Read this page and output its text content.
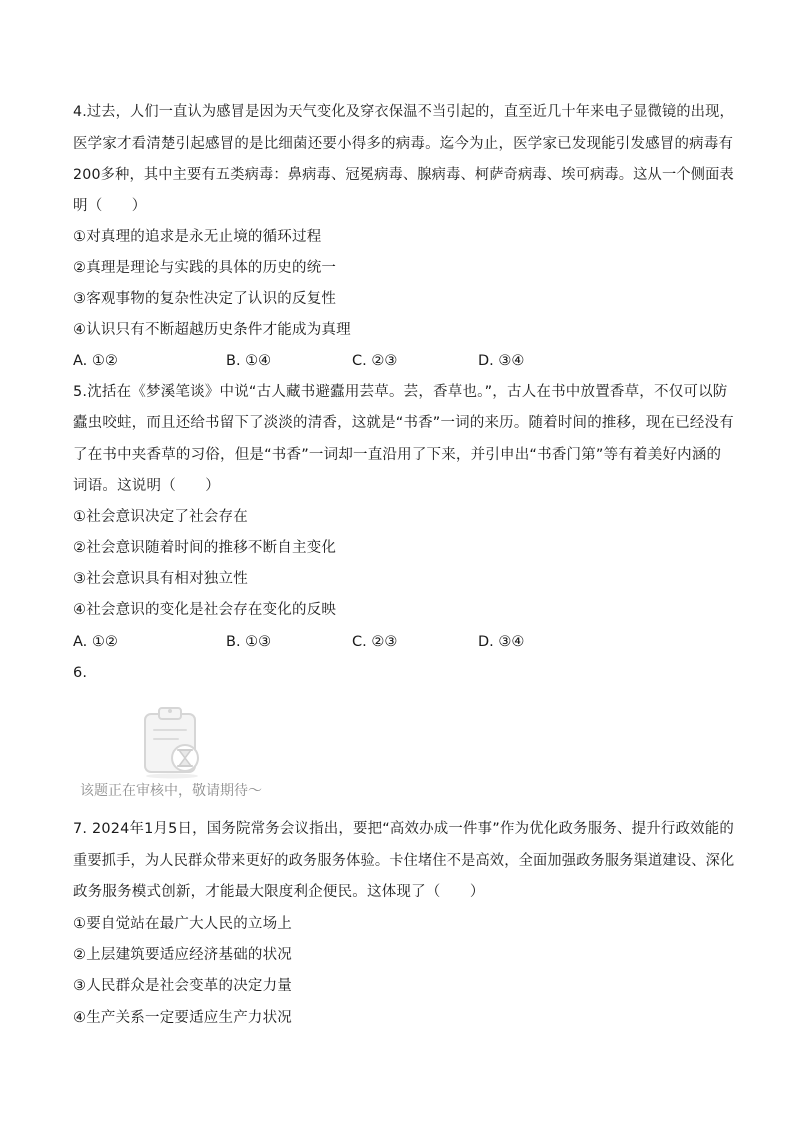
4.过去，人们一直认为感冒是因为天气变化及穿衣保温不当引起的，直至近几十年来电子显微镜的出现，
医学家才看清楚引起感冒的是比细菌还要小得多的病毒。迄今为止，医学家已发现能引发感冒的病毒有
200多种，其中主要有五类病毒：鼻病毒、冠冕病毒、腺病毒、柯萨奇病毒、埃可病毒。这从一个侧面表
明（　　）
①对真理的追求是永无止境的循环过程
②真理是理论与实践的具体的历史的统一
③客观事物的复杂性决定了认识的反复性
④认识只有不断超越历史条件才能成为真理
A. ①②	B. ①④	C. ②③	D. ③④
5.沈括在《梦溪笔谈》中说“古人藏书避蠹用芸草。芸，香草也。”，古人在书中放置香草，不仅可以防
蠹虫咬蛀，而且还给书留下了淡淡的清香，这就是“书香”一词的来历。随着时间的推移，现在已经没有
了在书中夹香草的习俗，但是“书香”一词却一直沿用了下来，并引申出“书香门第”等有着美好内涵的
词语。这说明（　　）
①社会意识决定了社会存在
②社会意识随着时间的推移不断自主变化
③社会意识具有相对独立性
④社会意识的变化是社会存在变化的反映
A. ①②	B. ①③	C. ②③	D. ③④
6.
该题正在审核中，敬请期待～
7. 2024年1月5日，国务院常务会议指出，要把“高效办成一件事”作为优化政务服务、提升行政效能的
重要抓手，为人民群众带来更好的政务服务体验。卡住堵住不是高效，全面加强政务服务渠道建设、深化
政务服务模式创新，才能最大限度利企便民。这体现了（　　）
①要自觉站在最广大人民的立场上
②上层建筑要适应经济基础的状况
③人民群众是社会变革的决定力量
④生产关系一定要适应生产力状况
